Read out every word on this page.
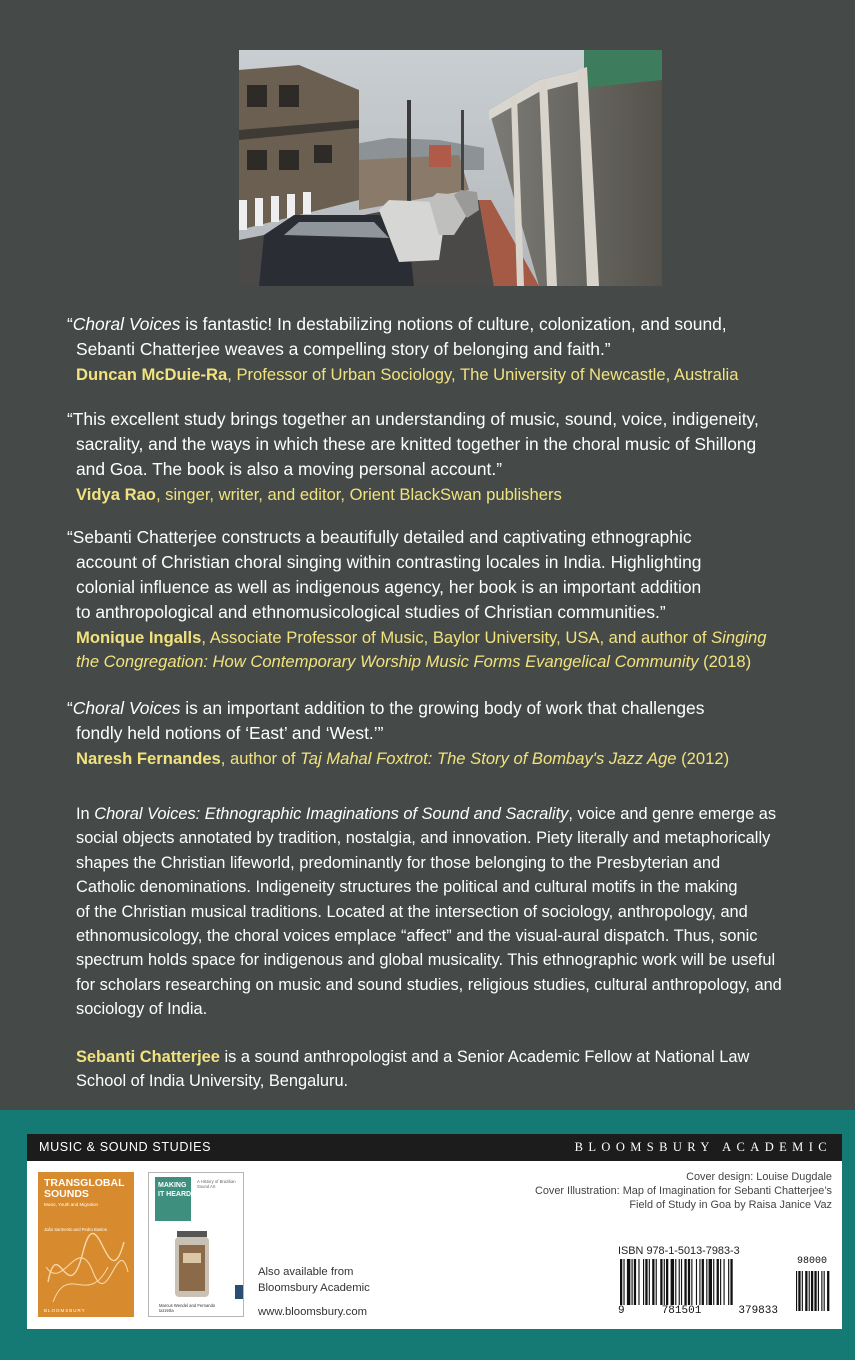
“Choral Voices is fantastic! In destabilizing notions of culture, colonization, and sound,
Sebanti Chatterjee weaves a compelling story of belonging and faith.”
Duncan McDuie-Ra, Professor of Urban Sociology, The University of Newcastle, Australia
“This excellent study brings together an understanding of music, sound, voice, indigeneity,
sacrality, and the ways in which these are knitted together in the choral music of Shillong
and Goa. The book is also a moving personal account.”
Vidya Rao, singer, writer, and editor, Orient BlackSwan publishers
“Sebanti Chatterjee constructs a beautifully detailed and captivating ethnographic
account of Christian choral singing within contrasting locales in India. Highlighting
colonial influence as well as indigenous agency, her book is an important addition
to anthropological and ethnomusicological studies of Christian communities.”
Monique Ingalls, Associate Professor of Music, Baylor University, USA, and author of Singing
the Congregation: How Contemporary Worship Music Forms Evangelical Community (2018)
“Choral Voices is an important addition to the growing body of work that challenges
fondly held notions of ‘East’ and ‘West.’”
Naresh Fernandes, author of Taj Mahal Foxtrot: The Story of Bombay's Jazz Age (2012)
In Choral Voices: Ethnographic Imaginations of Sound and Sacrality, voice and genre emerge as
social objects annotated by tradition, nostalgia, and innovation. Piety literally and metaphorically
shapes the Christian lifeworld, predominantly for those belonging to the Presbyterian and
Catholic denominations. Indigeneity structures the political and cultural motifs in the making
of the Christian musical traditions. Located at the intersection of sociology, anthropology, and
ethnomusicology, the choral voices emplace “affect” and the visual-aural dispatch. Thus, sonic
spectrum holds space for indigenous and global musicality. This ethnographic work will be useful
for scholars researching on music and sound studies, religious studies, cultural anthropology, and
sociology of India.
Sebanti Chatterjee is a sound anthropologist and a Senior Academic Fellow at National Law
School of India University, Bengaluru.
MUSIC & SOUND STUDIES	BLOOMSBURY ACADEMIC
TRANSGLOBAL
SOUNDS
Music, Youth and Migration
João Sarmento and Pedro Bastos
BLOOMSBURY
MAKING
IT HEARD
A History of Brazilian Sound Art
Marcus Wendel and Fernando Iazzetta
Also available from
Bloomsbury Academic
www.bloomsbury.com
Cover design: Louise Dugdale
Cover Illustration: Map of Imagination for Sebanti Chatterjee’s
Field of Study in Goa by Raisa Janice Vaz
ISBN 978-1-5013-7983-3
9	781501	379833
98000
